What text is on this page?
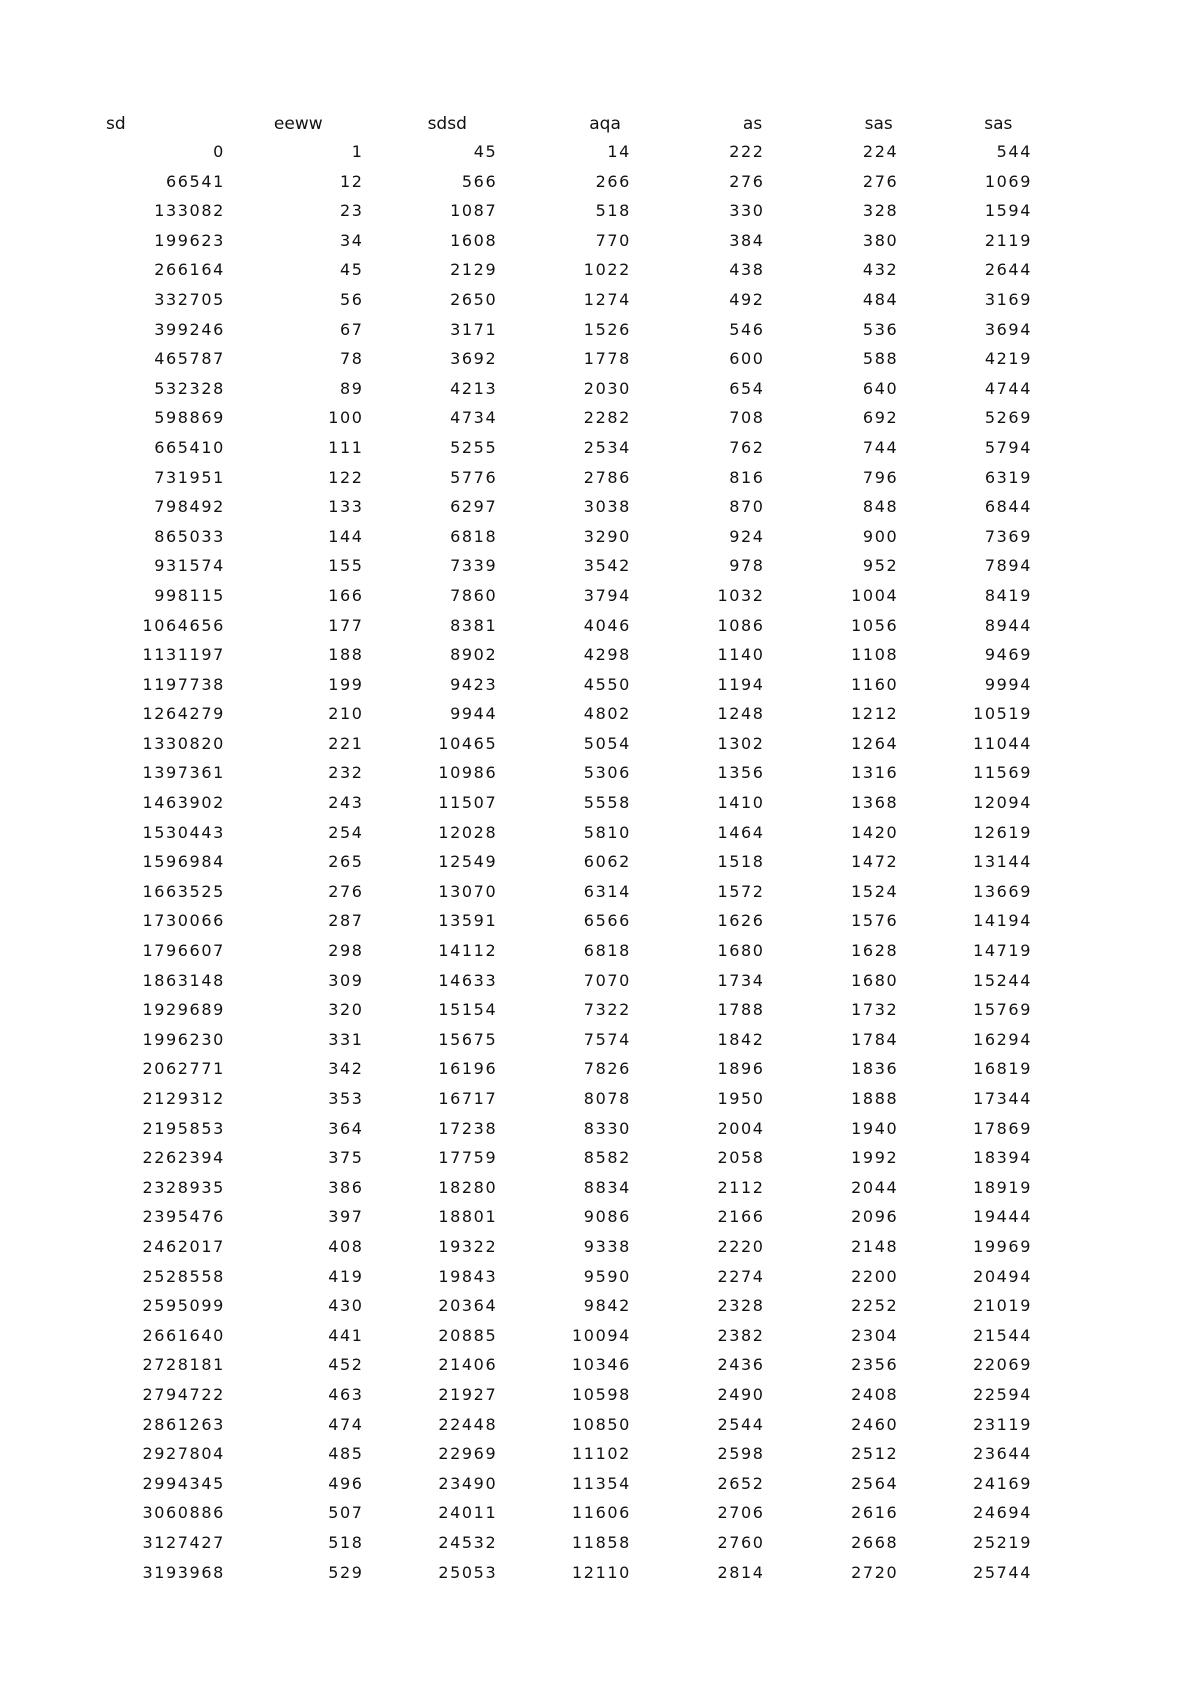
sd	eeww	sdsd	aqa	as	sas	sas
0	1	45	14	222	224	544
66541	12	566	266	276	276	1069
133082	23	1087	518	330	328	1594
199623	34	1608	770	384	380	2119
266164	45	2129	1022	438	432	2644
332705	56	2650	1274	492	484	3169
399246	67	3171	1526	546	536	3694
465787	78	3692	1778	600	588	4219
532328	89	4213	2030	654	640	4744
598869	100	4734	2282	708	692	5269
665410	111	5255	2534	762	744	5794
731951	122	5776	2786	816	796	6319
798492	133	6297	3038	870	848	6844
865033	144	6818	3290	924	900	7369
931574	155	7339	3542	978	952	7894
998115	166	7860	3794	1032	1004	8419
1064656	177	8381	4046	1086	1056	8944
1131197	188	8902	4298	1140	1108	9469
1197738	199	9423	4550	1194	1160	9994
1264279	210	9944	4802	1248	1212	10519
1330820	221	10465	5054	1302	1264	11044
1397361	232	10986	5306	1356	1316	11569
1463902	243	11507	5558	1410	1368	12094
1530443	254	12028	5810	1464	1420	12619
1596984	265	12549	6062	1518	1472	13144
1663525	276	13070	6314	1572	1524	13669
1730066	287	13591	6566	1626	1576	14194
1796607	298	14112	6818	1680	1628	14719
1863148	309	14633	7070	1734	1680	15244
1929689	320	15154	7322	1788	1732	15769
1996230	331	15675	7574	1842	1784	16294
2062771	342	16196	7826	1896	1836	16819
2129312	353	16717	8078	1950	1888	17344
2195853	364	17238	8330	2004	1940	17869
2262394	375	17759	8582	2058	1992	18394
2328935	386	18280	8834	2112	2044	18919
2395476	397	18801	9086	2166	2096	19444
2462017	408	19322	9338	2220	2148	19969
2528558	419	19843	9590	2274	2200	20494
2595099	430	20364	9842	2328	2252	21019
2661640	441	20885	10094	2382	2304	21544
2728181	452	21406	10346	2436	2356	22069
2794722	463	21927	10598	2490	2408	22594
2861263	474	22448	10850	2544	2460	23119
2927804	485	22969	11102	2598	2512	23644
2994345	496	23490	11354	2652	2564	24169
3060886	507	24011	11606	2706	2616	24694
3127427	518	24532	11858	2760	2668	25219
3193968	529	25053	12110	2814	2720	25744
